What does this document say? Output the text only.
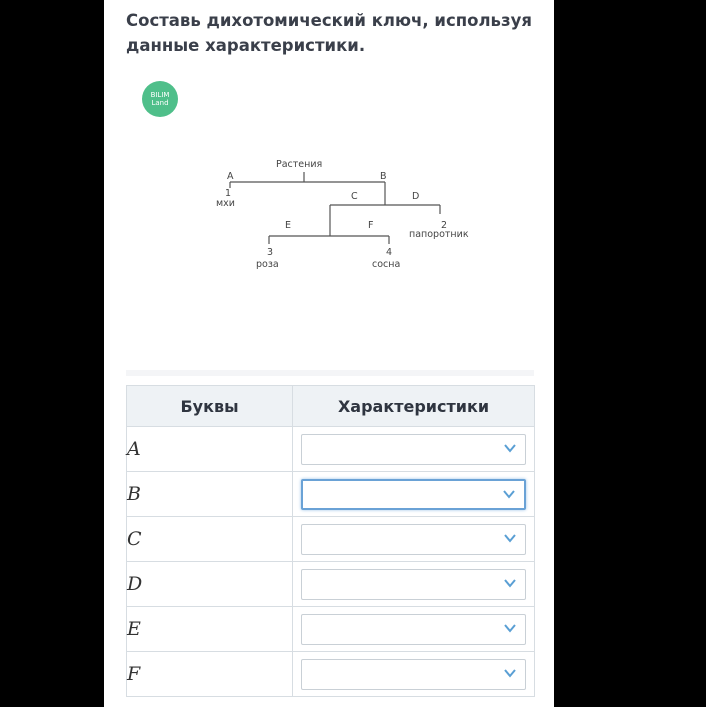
Составь дихотомический ключ, используя
данные характеристики.
BILIM
Land
Растения
A	B
C	D
E	F
1
мхи
2
папоротник
3
роза
4
сосна
Буквы	Характеристики
A	

B	

C	

D	

E	

F	
